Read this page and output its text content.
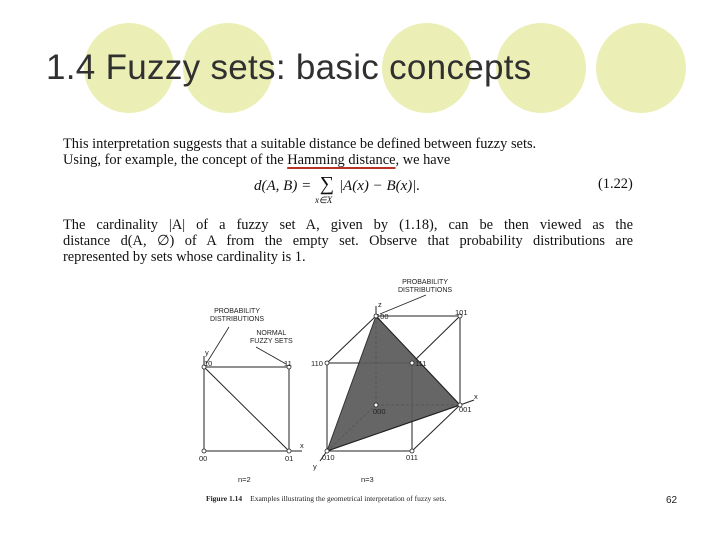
1.4 Fuzzy sets: basic concepts
This interpretation suggests that a suitable distance be defined between fuzzy sets.
Using, for example, the concept of the Hamming distance, we have
d(A, B) = ∑
x∈X
|A(x) − B(x)|.	(1.22)
The cardinality |A| of a fuzzy set A, given by (1.18), can be then viewed as the
distance d(A, ∅) of A from the empty set. Observe that probability distributions are
represented by sets whose cardinality is 1.
PROBABILITY
DISTRIBUTIONS
NORMAL
FUZZY SETS
y
x
10	11
00	01
n=2
PROBABILITY
DISTRIBUTIONS
z
x
y
100	101
110	111
000	001
010	011
n=3
Figure 1.14 Examples illustrating the geometrical interpretation of fuzzy sets.	62
